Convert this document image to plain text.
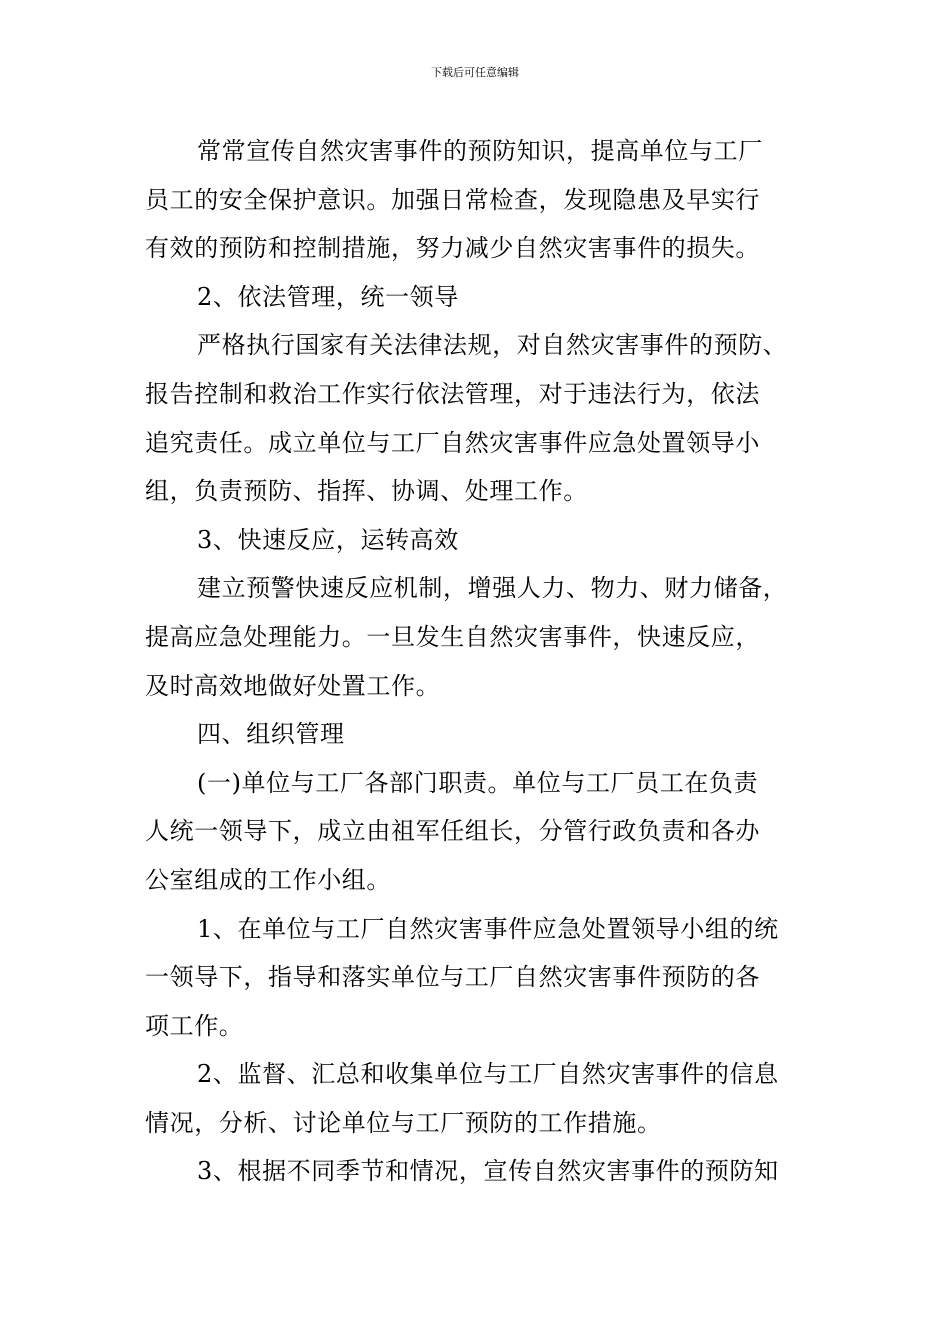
下载后可任意编辑
常常宣传自然灾害事件的预防知识，提高单位与工厂
员工的安全保护意识。加强日常检查，发现隐患及早实行
有效的预防和控制措施，努力减少自然灾害事件的损失。
2、依法管理，统一领导
严格执行国家有关法律法规，对自然灾害事件的预防、
报告控制和救治工作实行依法管理，对于违法行为，依法
追究责任。成立单位与工厂自然灾害事件应急处置领导小
组，负责预防、指挥、协调、处理工作。
3、快速反应，运转高效
建立预警快速反应机制，增强人力、物力、财力储备，
提高应急处理能力。一旦发生自然灾害事件，快速反应，
及时高效地做好处置工作。
四、组织管理
(一)单位与工厂各部门职责。单位与工厂员工在负责
人统一领导下，成立由祖军任组长，分管行政负责和各办
公室组成的工作小组。
1、在单位与工厂自然灾害事件应急处置领导小组的统
一领导下，指导和落实单位与工厂自然灾害事件预防的各
项工作。
2、监督、汇总和收集单位与工厂自然灾害事件的信息
情况，分析、讨论单位与工厂预防的工作措施。
3、根据不同季节和情况，宣传自然灾害事件的预防知
